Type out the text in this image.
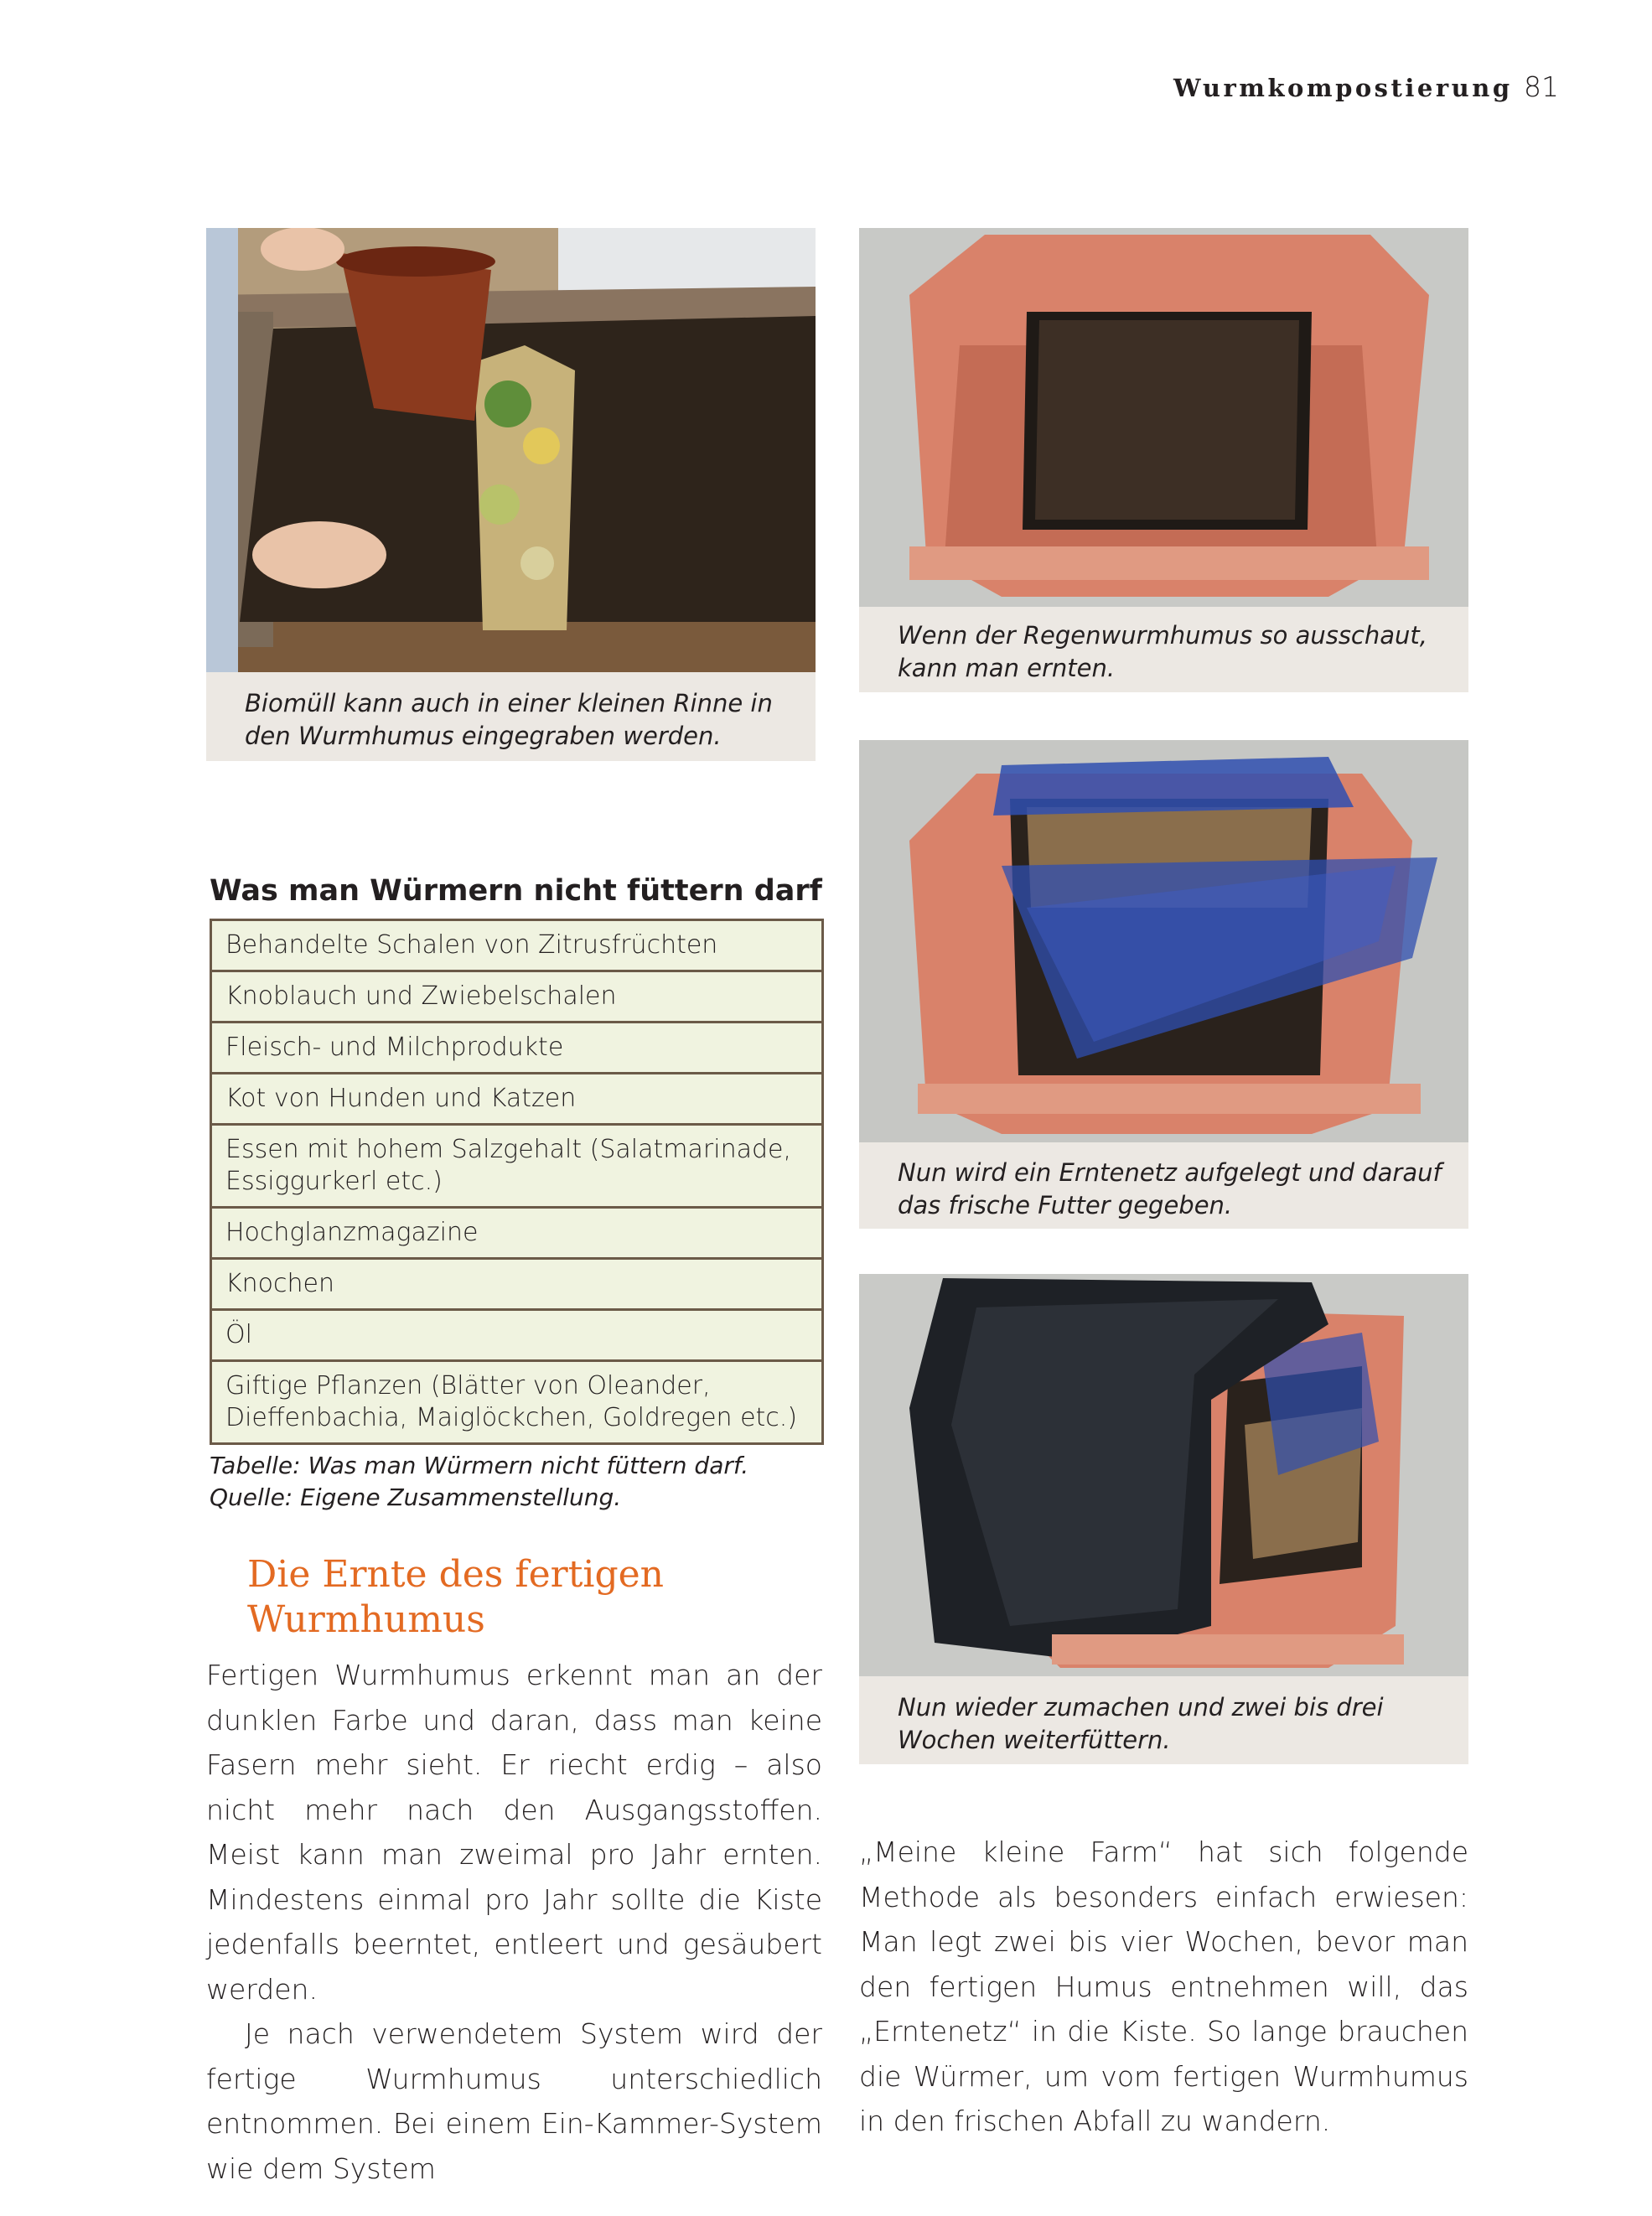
Wurmkompostierung 81
Biomüll kann auch in einer kleinen Rinne in
den Wurmhumus eingegraben werden.
Wenn der Regenwurmhumus so ausschaut,
kann man ernten.
Nun wird ein Erntenetz aufgelegt und darauf
das frische Futter gegeben.
Nun wieder zumachen und zwei bis drei
Wochen weiterfüttern.
Was man Würmern nicht füttern darf
Behandelte Schalen von Zitrusfrüchten

Knoblauch und Zwiebelschalen

Fleisch- und Milchprodukte

Kot von Hunden und Katzen

Essen mit hohem Salzgehalt (Salatmarinade,
Essiggurkerl etc.)

Hochglanzmagazine

Knochen

Öl

Giftige Pflanzen (Blätter von Oleander,
Dieffenbachia, Maiglöckchen, Goldregen etc.)
Tabelle: Was man Würmern nicht füttern darf.
Quelle: Eigene Zusammenstellung.
Die Ernte des fertigen
Wurmhumus

Fertigen Wurmhumus erkennt man an der dunklen Farbe und daran, dass man keine Fasern mehr sieht. Er riecht erdig – also nicht mehr nach den Ausgangsstoffen. Meist kann man zweimal pro Jahr ernten. Mindestens einmal pro Jahr sollte die Kiste jedenfalls beerntet, entleert und gesäubert werden.

Je nach verwendetem System wird der fertige Wurmhumus unterschiedlich entnommen. Bei einem Ein-Kammer-System wie dem System

„Meine kleine Farm“ hat sich folgende Methode als besonders einfach erwiesen: Man legt zwei bis vier Wochen, bevor man den fertigen Humus entnehmen will, das „Erntenetz“ in die Kiste. So lange brauchen die Würmer, um vom fertigen Wurmhumus in den frischen Abfall zu wandern.
